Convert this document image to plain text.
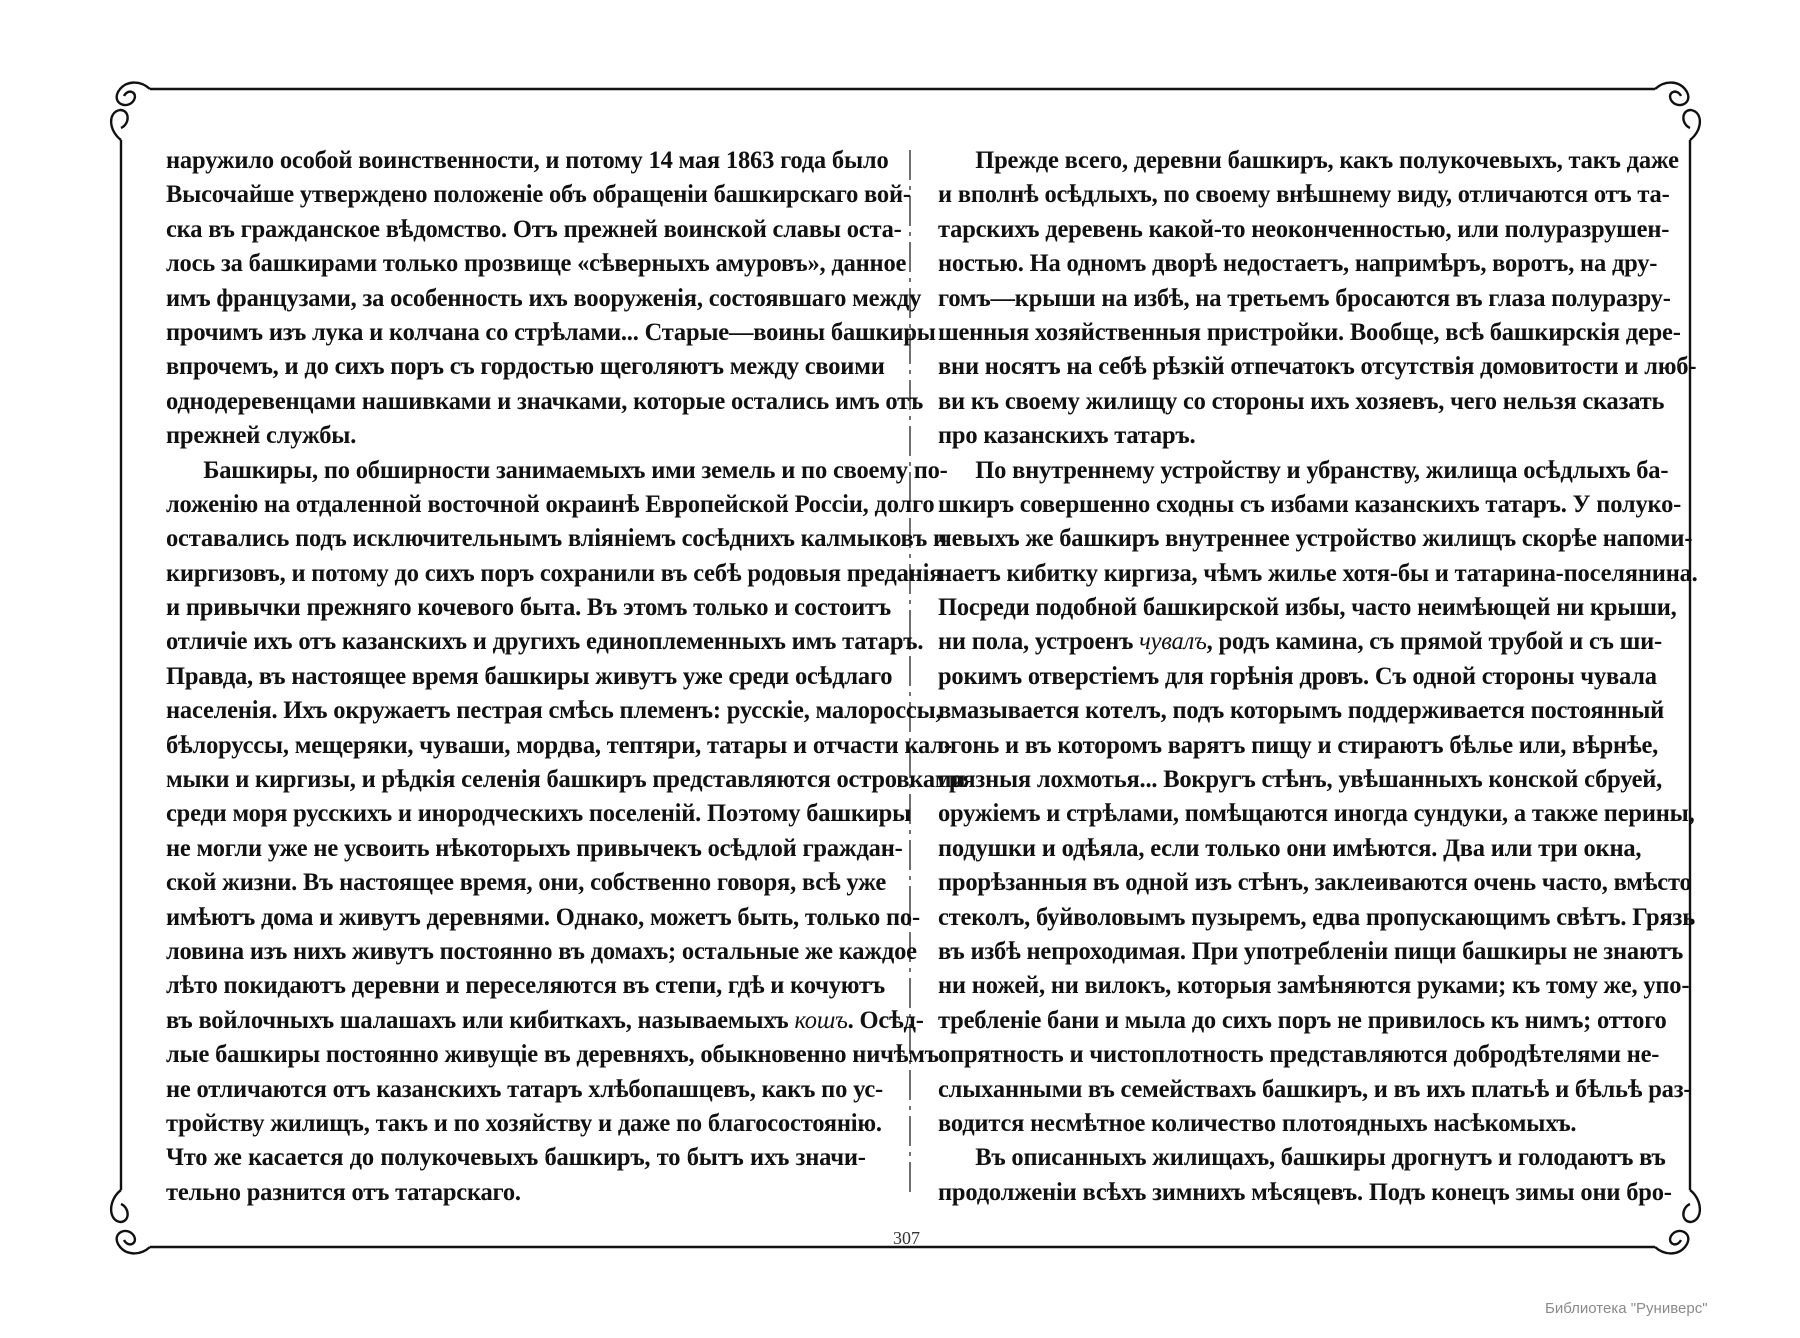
наружило особой воинственности, и потому 14 мая 1863 года было
Высочайше утверждено положеніе объ обращеніи башкирскаго вой-
ска въ гражданское вѣдомство. Отъ прежней воинской славы оста-
лось за башкирами только прозвище «сѣверныхъ амуровъ», данное
имъ французами, за особенность ихъ вооруженія, состоявшаго между
прочимъ изъ лука и колчана со стрѣлами... Старые—воины башкиры
впрочемъ, и до сихъ поръ съ гордостью щеголяютъ между своими
однодеревенцами нашивками и значками, которые остались имъ отъ
прежней службы.
Башкиры, по обширности занимаемыхъ ими земель и по своему по-
ложенію на отдаленной восточной окраинѣ Европейской Россіи, долго
оставались подъ исключительнымъ вліяніемъ сосѣднихъ калмыковъ и
киргизовъ, и потому до сихъ поръ сохранили въ себѣ родовыя преданія
и привычки прежняго кочевого быта. Въ этомъ только и состоитъ
отличіе ихъ отъ казанскихъ и другихъ единоплеменныхъ имъ татаръ.
Правда, въ настоящее время башкиры живутъ уже среди осѣдлаго
населенія. Ихъ окружаетъ пестрая смѣсь племенъ: русскіе, малороссы,
бѣлоруссы, мещеряки, чуваши, мордва, тептяри, татары и отчасти кал-
мыки и киргизы, и рѣдкія селенія башкиръ представляются островками
среди моря русскихъ и инородческихъ поселеній. Поэтому башкиры
не могли уже не усвоить нѣкоторыхъ привычекъ осѣдлой граждан-
ской жизни. Въ настоящее время, они, собственно говоря, всѣ уже
имѣютъ дома и живутъ деревнями. Однако, можетъ быть, только по-
ловина изъ нихъ живутъ постоянно въ домахъ; остальные же каждое
лѣто покидаютъ деревни и переселяются въ степи, гдѣ и кочуютъ
въ войлочныхъ шалашахъ или кибиткахъ, называемыхъ кошъ. Осѣд-
лые башкиры постоянно живущіе въ деревняхъ, обыкновенно ничѣмъ
не отличаются отъ казанскихъ татаръ хлѣбопашцевъ, какъ по ус-
тройству жилищъ, такъ и по хозяйству и даже по благосостоянію.
Что же касается до полукочевыхъ башкиръ, то бытъ ихъ значи-
тельно разнится отъ татарскаго.
Прежде всего, деревни башкиръ, какъ полукочевыхъ, такъ даже
и вполнѣ осѣдлыхъ, по своему внѣшнему виду, отличаются отъ та-
тарскихъ деревень какой-то неоконченностью, или полуразрушен-
ностью. На одномъ дворѣ недостаетъ, напримѣръ, воротъ, на дру-
гомъ—крыши на избѣ, на третьемъ бросаются въ глаза полуразру-
шенныя хозяйственныя пристройки. Вообще, всѣ башкирскія дере-
вни носятъ на себѣ рѣзкій отпечатокъ отсутствія домовитости и люб-
ви къ своему жилищу со стороны ихъ хозяевъ, чего нельзя сказать
про казанскихъ татаръ.
По внутреннему устройству и убранству, жилища осѣдлыхъ ба-
шкиръ совершенно сходны съ избами казанскихъ татаръ. У полуко-
чевыхъ же башкиръ внутреннее устройство жилищъ скорѣе напоми-
наетъ кибитку киргиза, чѣмъ жилье хотя-бы и татарина-поселянина.
Посреди подобной башкирской избы, часто неимѣющей ни крыши,
ни пола, устроенъ чувалъ, родъ камина, съ прямой трубой и съ ши-
рокимъ отверстіемъ для горѣнія дровъ. Съ одной стороны чувала
вмазывается котелъ, подъ которымъ поддерживается постоянный
огонь и въ которомъ варятъ пищу и стираютъ бѣлье или, вѣрнѣе,
грязныя лохмотья... Вокругъ стѣнъ, увѣшанныхъ конской сбруей,
оружіемъ и стрѣлами, помѣщаются иногда сундуки, а также перины,
подушки и одѣяла, если только они имѣются. Два или три окна,
прорѣзанныя въ одной изъ стѣнъ, заклеиваются очень часто, вмѣсто
стеколъ, буйволовымъ пузыремъ, едва пропускающимъ свѣтъ. Грязь
въ избѣ непроходимая. При употребленіи пищи башкиры не знаютъ
ни ножей, ни вилокъ, которыя замѣняются руками; къ тому же, упо-
требленіе бани и мыла до сихъ поръ не привилось къ нимъ; оттого
опрятность и чистоплотность представляются добродѣтелями не-
слыханными въ семействахъ башкиръ, и въ ихъ платьѣ и бѣльѣ раз-
водится несмѣтное количество плотоядныхъ насѣкомыхъ.
Въ описанныхъ жилищахъ, башкиры дрогнутъ и голодаютъ въ
продолженіи всѣхъ зимнихъ мѣсяцевъ. Подъ конецъ зимы они бро-
307
Библиотека "Руниверс"
